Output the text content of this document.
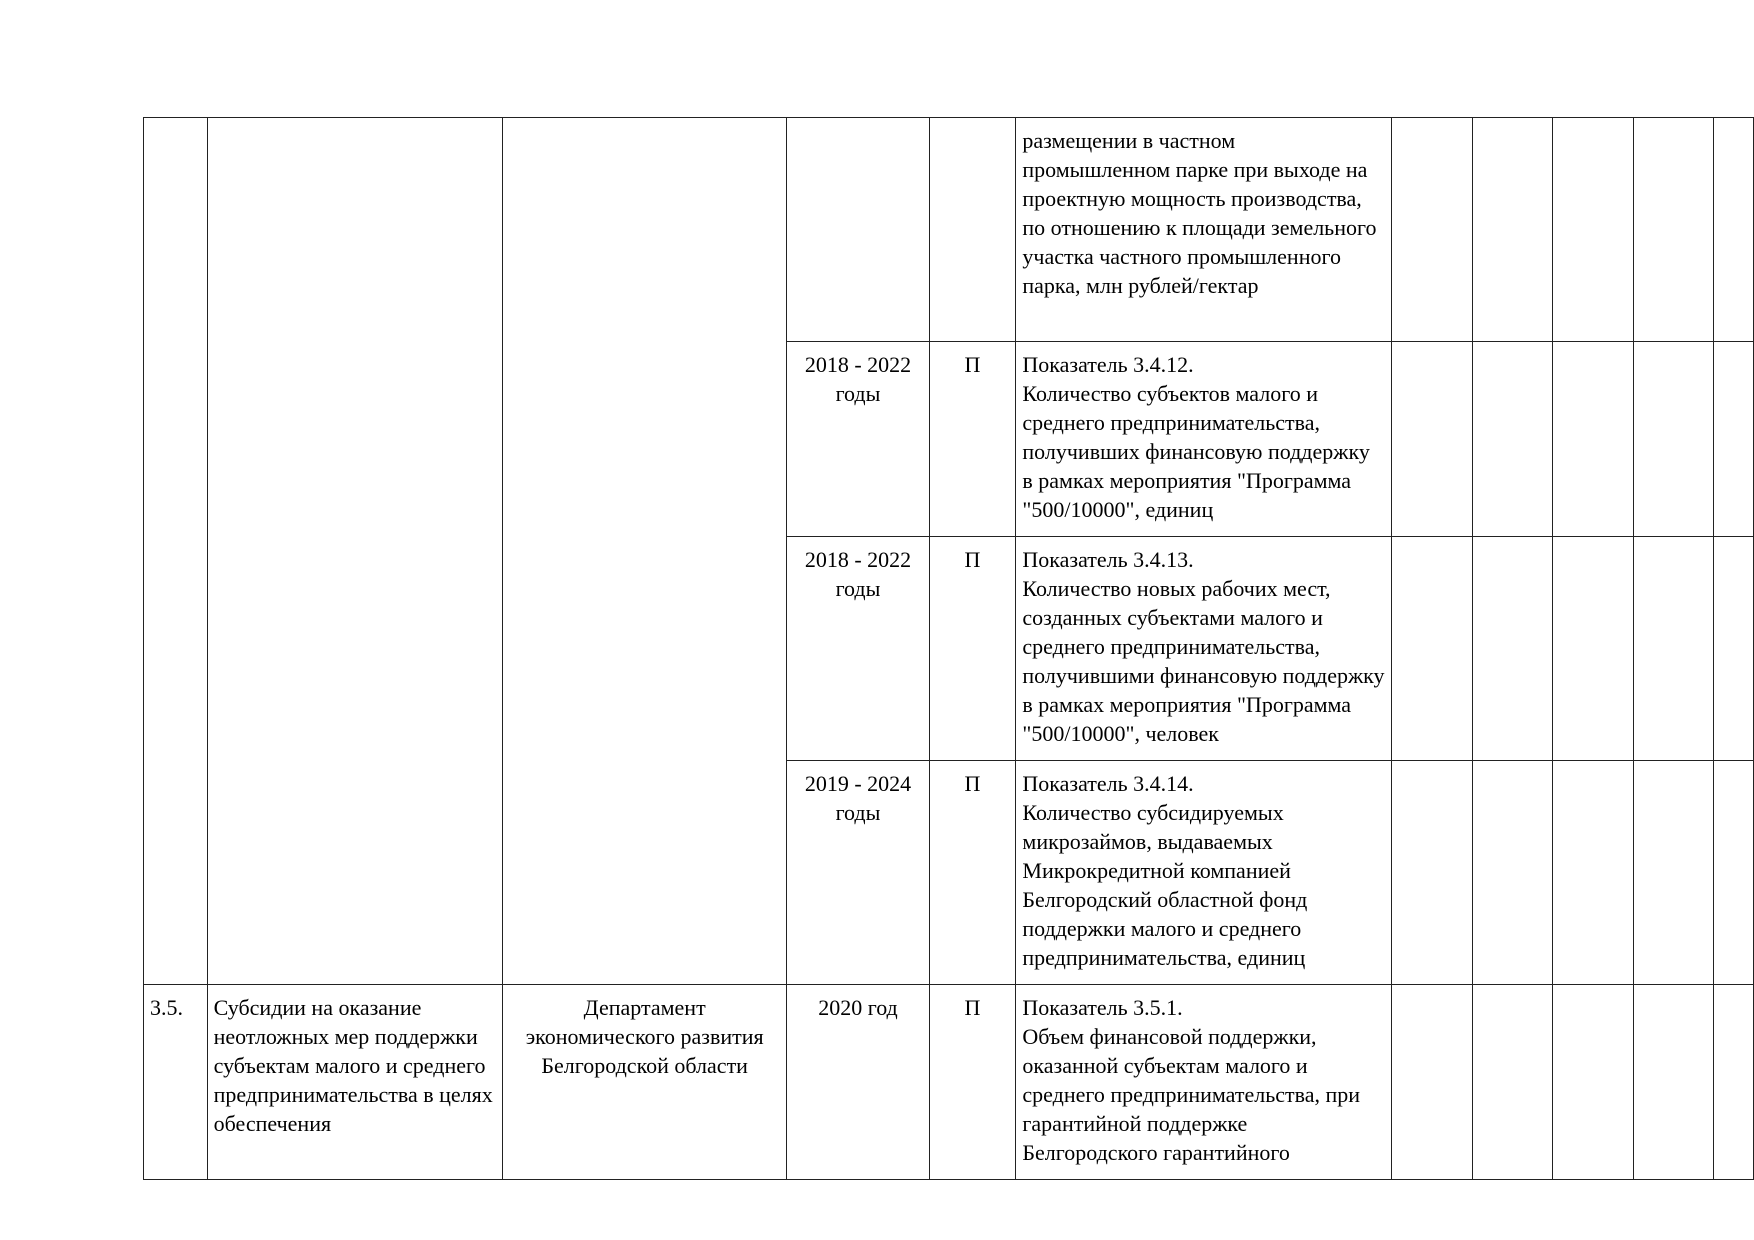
					размещении в частном промышленном парке при выходе на проектную мощность производства, по отношению к площади земельного участка частного промышленного парка, млн рублей/гектар					
			2018 - 2022 годы	П	Показатель 3.4.12.
Количество субъектов малого и среднего предпринимательства, получивших финансовую поддержку в рамках мероприятия "Программа "500/10000", единиц					

			2018 - 2022 годы	П	Показатель 3.4.13.
Количество новых рабочих мест, созданных субъектами малого и среднего предпринимательства, получившими финансовую поддержку в рамках мероприятия "Программа "500/10000", человек					

			2019 - 2024 годы	П	Показатель 3.4.14.
Количество субсидируемых микрозаймов, выдаваемых Микрокредитной компанией Белгородский областной фонд поддержки малого и среднего предпринимательства, единиц					

3.5.	Субсидии на оказание неотложных мер поддержки субъектам малого и среднего предпринимательства в целях обеспечения	Департамент экономического развития Белгородской области	2020 год	П	Показатель 3.5.1.
Объем финансовой поддержки, оказанной субъектам малого и среднего предпринимательства, при гарантийной поддержке Белгородского гарантийного					
